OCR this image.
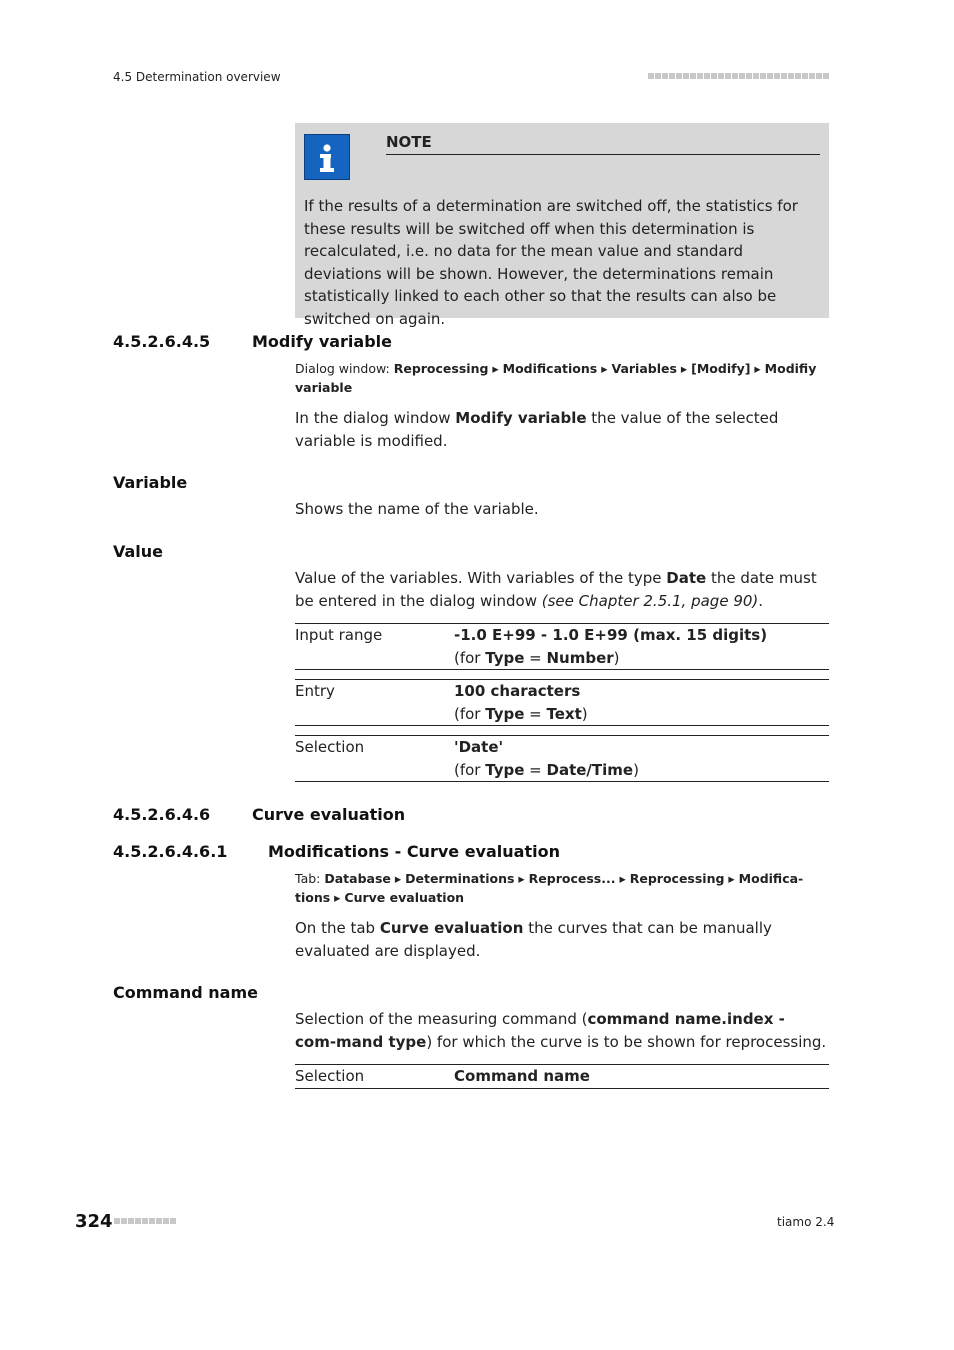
4.5 Determination overview
NOTE
If the results of a determination are switched off, the statistics for these results will be switched off when this determination is recalculated, i.e. no data for the mean value and standard deviations will be shown. However, the determinations remain statistically linked to each other so that the results can also be switched on again.
4.5.2.6.4.5	Modify variable
Dialog window: Reprocessing ▸ Modifications ▸ Variables ▸ [Modify] ▸ Modifiy variable
In the dialog window Modify variable the value of the selected variable is modified.
Variable
Shows the name of the variable.
Value
Value of the variables. With variables of the type Date the date must be entered in the dialog window (see Chapter 2.5.1, page 90).
Input range	-1.0 E+99 - 1.0 E+99 (max. 15 digits)
(for Type = Number)
Entry	100 characters
(for Type = Text)
Selection	'Date'
(for Type = Date/Time)
4.5.2.6.4.6	Curve evaluation
4.5.2.6.4.6.1	Modifications - Curve evaluation
Tab: Database ▸ Determinations ▸ Reprocess... ▸ Reprocessing ▸ Modifica-tions ▸ Curve evaluation
On the tab Curve evaluation the curves that can be manually evaluated are displayed.
Command name
Selection of the measuring command (command name.index - com-mand type) for which the curve is to be shown for reprocessing.
Selection	Command name
324	tiamo 2.4
